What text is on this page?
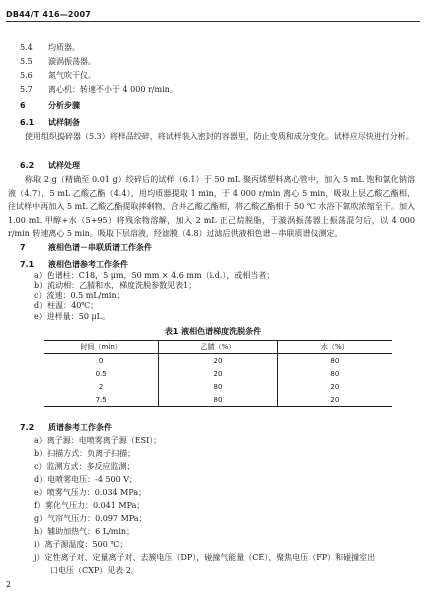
DB44/T 416—2007
5.4 均质器。
5.5 漩涡振荡器。
5.6 氮气吹干仪。
5.7 离心机：转速不小于 4 000 r/min。
6	分析步骤
6.1 试样制备
使用组织捣碎器（5.3）将样品绞碎，将试样装入密封的容器里，防止变质和成分变化。试样应尽快进行分析。
6.2 试样处理
称取 2 g（精确至 0.01 g）绞碎后的试样（6.1）于 50 mL 聚丙烯塑料离心管中，加入 5 mL 饱和氯化钠溶液（4.7），5 mL 乙酸乙酯（4.4），用均质器提取 1 min，于 4 000 r/min 离心 5 min，吸取上层乙酸乙酯相，往试样中再加入 5 mL 乙酸乙酯提取摔剩物，合并乙酸乙酯相，将乙酸乙酯相于 50 ℃ 水浴下氮吹浓缩至干。加入 1.00 mL 甲醇+水（5+95）将残余物溶解，加入 2 mL 正己烷脱脂，于漩涡振荡器上振荡混匀后，以 4 000 r/min 转速离心 5 min。吸取下层溶液，经滤膜（4.8）过滤后供液相色谱－串联质谱仪测定。
7	液相色谱－串联质谱工作条件
7.1 液相色谱参考工作条件
a）色谱柱：C18，5 μm，50 mm × 4.6 mm（i.d.），或相当者；
b）流动相：乙腈和水，梯度洗脱参数见表1；
c）流速：0.5 mL/min；
d）柱温：40℃；
表1 液相色谱梯度洗脱条件
时间（min）	乙腈（%）	水（%）
0	20	80
0.5	20	80
2	80	20
7.5	80	20
7.2 质谱参考工作条件
a）离子源：电喷雾离子源（ESI）；
b）扫描方式：负离子扫描；
c）监测方式：多反应监测；
d）电喷雾电压：-4 500 V；
e）喷雾气压力：0.034 MPa；
f）雾化气压力：0.041 MPa；
g）气帘气压力：0.097 MPa；
h）辅助加热气：6 L/min；
i）离子源温度：500 ℃；
j）定性离子对、定量离子对、去簇电压（DP），碰撞气能量（CE）、聚焦电压（FP）和碰撞室出
口电压（CXP）见表 2。
2
e）进样量：50 μL。
